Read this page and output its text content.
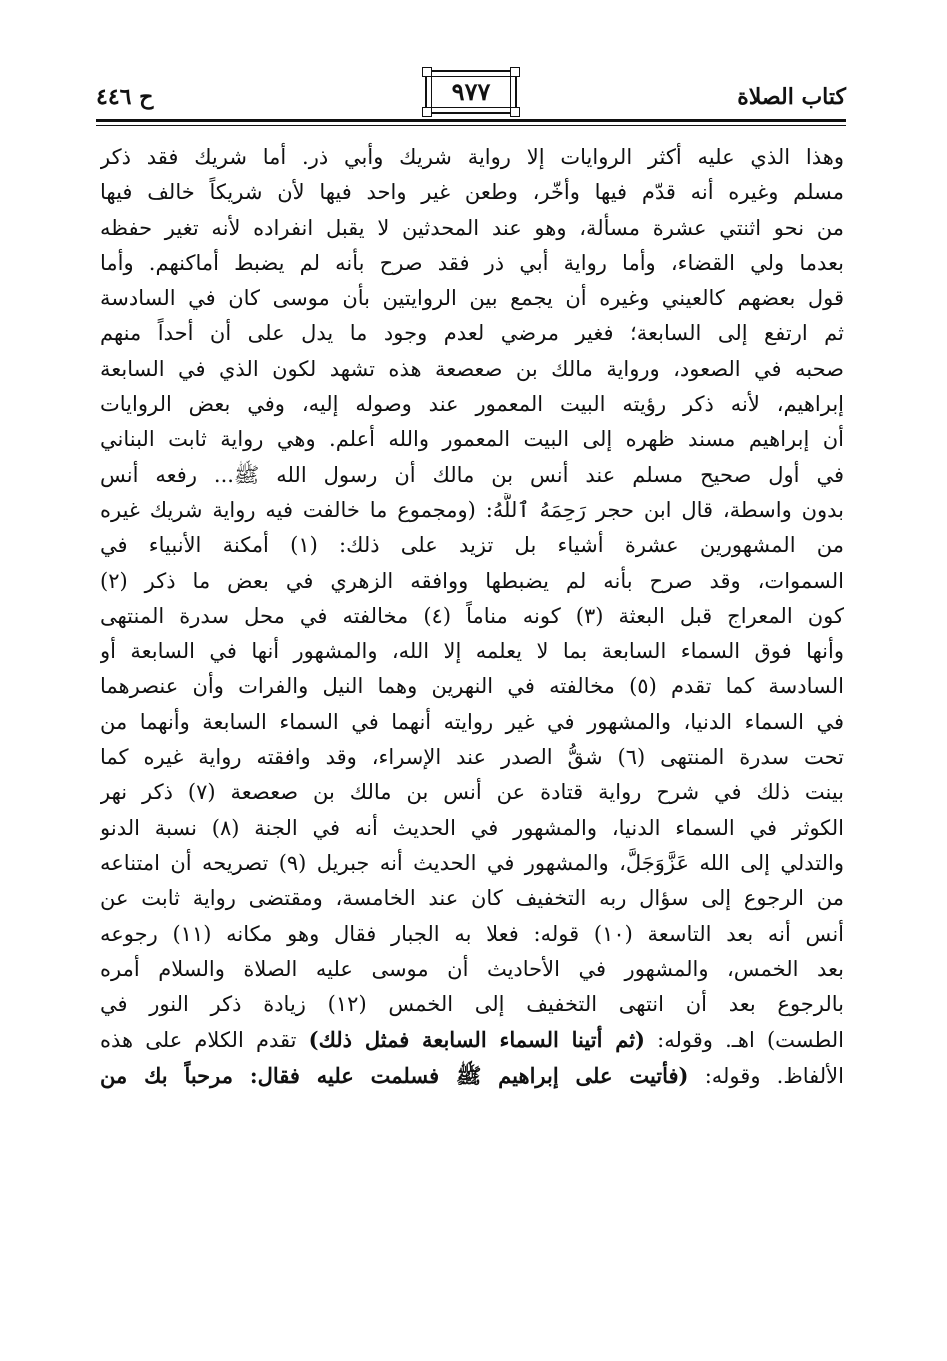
كتاب الصلاة
٩٧٧
ح ٤٤٦
وهذا الذي عليه أكثر الروايات إلا رواية شريك وأبي ذر. أما شريك فقد ذكر
مسلم وغيره أنه قدّم فيها وأخّر، وطعن غير واحد فيها لأن شريكاً خالف فيها
من نحو اثنتي عشرة مسألة، وهو عند المحدثين لا يقبل انفراده لأنه تغير حفظه
بعدما ولي القضاء، وأما رواية أبي ذر فقد صرح بأنه لم يضبط أماكنهم. وأما
قول بعضهم كالعيني وغيره أن يجمع بين الروايتين بأن موسى كان في السادسة
ثم ارتفع إلى السابعة؛ فغير مرضي لعدم وجود ما يدل على أن أحداً منهم
صحبه في الصعود، ورواية مالك بن صعصعة هذه تشهد لكون الذي في السابعة
إبراهيم، لأنه ذكر رؤيته البيت المعمور عند وصوله إليه، وفي بعض الروايات
أن إبراهيم مسند ظهره إلى البيت المعمور والله أعلم. وهي رواية ثابت البناني
في أول صحيح مسلم عند أنس بن مالك أن رسول الله ﷺ... رفعه أنس
بدون واسطة، قال ابن حجر رَحِمَهُ ٱللَّهُ: (ومجموع ما خالفت فيه رواية شريك غيره
من المشهورين عشرة أشياء بل تزيد على ذلك: (١) أمكنة الأنبياء في
السموات، وقد صرح بأنه لم يضبطها ووافقه الزهري في بعض ما ذكر (٢)
كون المعراج قبل البعثة (٣) كونه مناماً (٤) مخالفته في محل سدرة المنتهى
وأنها فوق السماء السابعة بما لا يعلمه إلا الله، والمشهور أنها في السابعة أو
السادسة كما تقدم (٥) مخالفته في النهرين وهما النيل والفرات وأن عنصرهما
في السماء الدنيا، والمشهور في غير روايته أنهما في السماء السابعة وأنهما من
تحت سدرة المنتهى (٦) شقُّ الصدر عند الإسراء، وقد وافقته رواية غيره كما
بينت ذلك في شرح رواية قتادة عن أنس بن مالك بن صعصعة (٧) ذكر نهر
الكوثر في السماء الدنيا، والمشهور في الحديث أنه في الجنة (٨) نسبة الدنو
والتدلي إلى الله عَزَّوَجَلَّ، والمشهور في الحديث أنه جبريل (٩) تصريحه أن امتناعه
من الرجوع إلى سؤال ربه التخفيف كان عند الخامسة، ومقتضى رواية ثابت عن
أنس أنه بعد التاسعة (١٠) قوله: فعلا به الجبار فقال وهو مكانه (١١) رجوعه
بعد الخمس، والمشهور في الأحاديث أن موسى عليه الصلاة والسلام أمره
بالرجوع بعد أن انتهى التخفيف إلى الخمس (١٢) زيادة ذكر النور في
الطست) اهـ. وقوله: (ثم أتينا السماء السابعة فمثل ذلك) تقدم الكلام على هذه
الألفاظ. وقوله: (فأتيت على إبراهيم ﷺ فسلمت عليه فقال: مرحباً بك من
